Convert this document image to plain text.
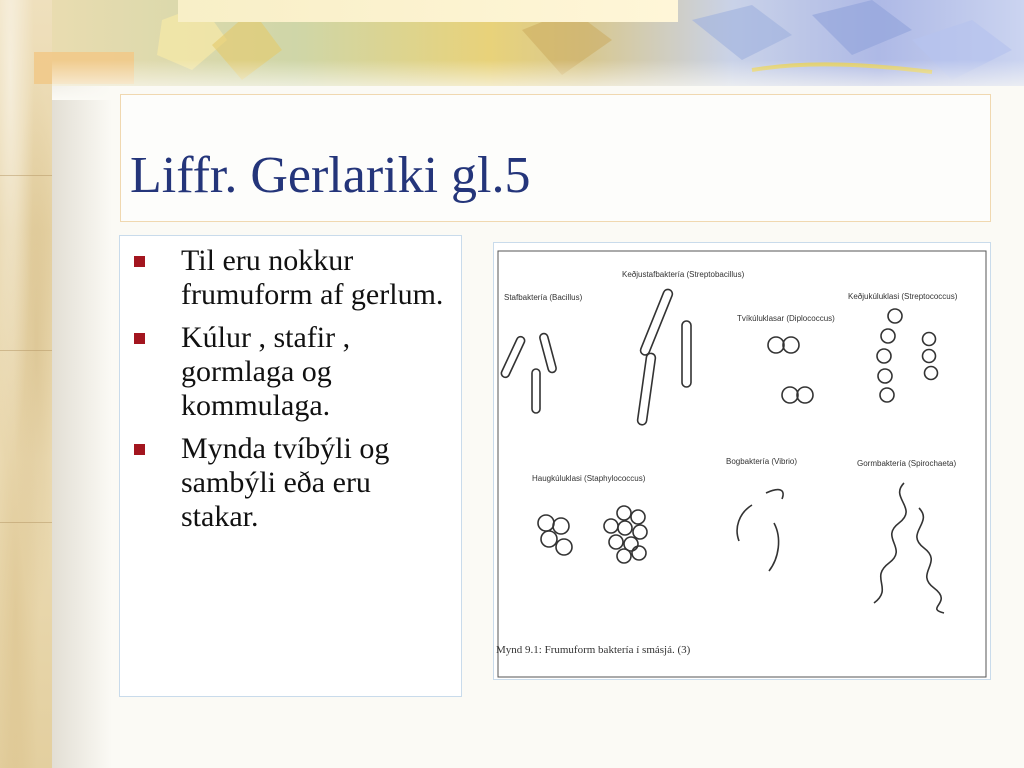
Liffr. Gerlariki gl.5
Til eru nokkur frumuform af gerlum.
Kúlur , stafir , gormlaga og kommulaga.
Mynda tvíbýli og sambýli eða eru stakar.
Stafbaktería (Bacillus)
Keðjustafbaktería (Streptobacillus)
Tvíkúluklasar (Diplococcus)
Keðjukúluklasi (Streptococcus)
Haugkúluklasi (Staphylococcus)
Bogbaktería (Vibrio)	Gormbaktería (Spirochaeta)
Mynd 9.1: Frumuform baktería í smásjá. (3)
